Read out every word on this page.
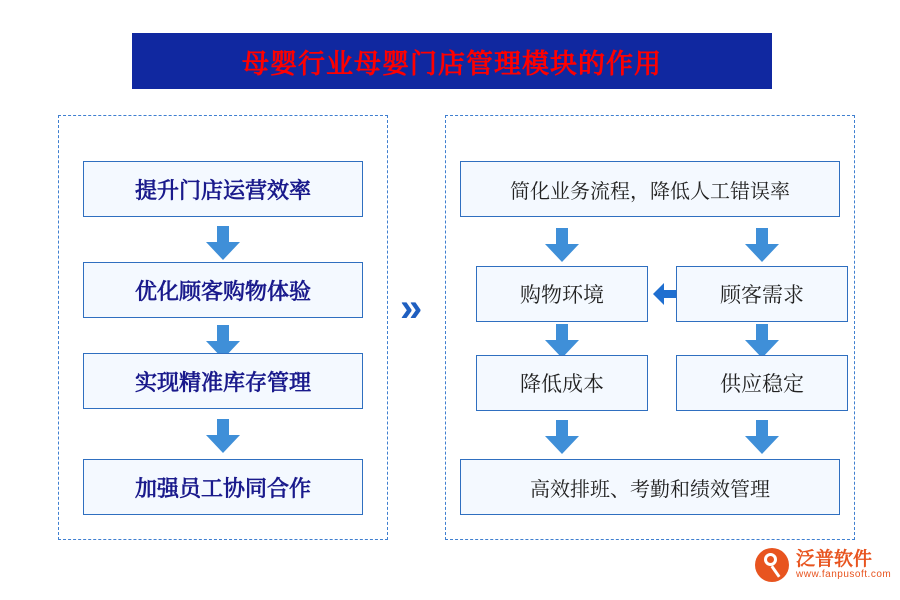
母婴行业母婴门店管理模块的作用
提升门店运营效率
优化顾客购物体验
实现精准库存管理
加强员工协同合作
»
简化业务流程，降低人工错误率
购物环境	顾客需求
降低成本	供应稳定
高效排班、考勤和绩效管理
泛普软件
www.fanpusoft.com
